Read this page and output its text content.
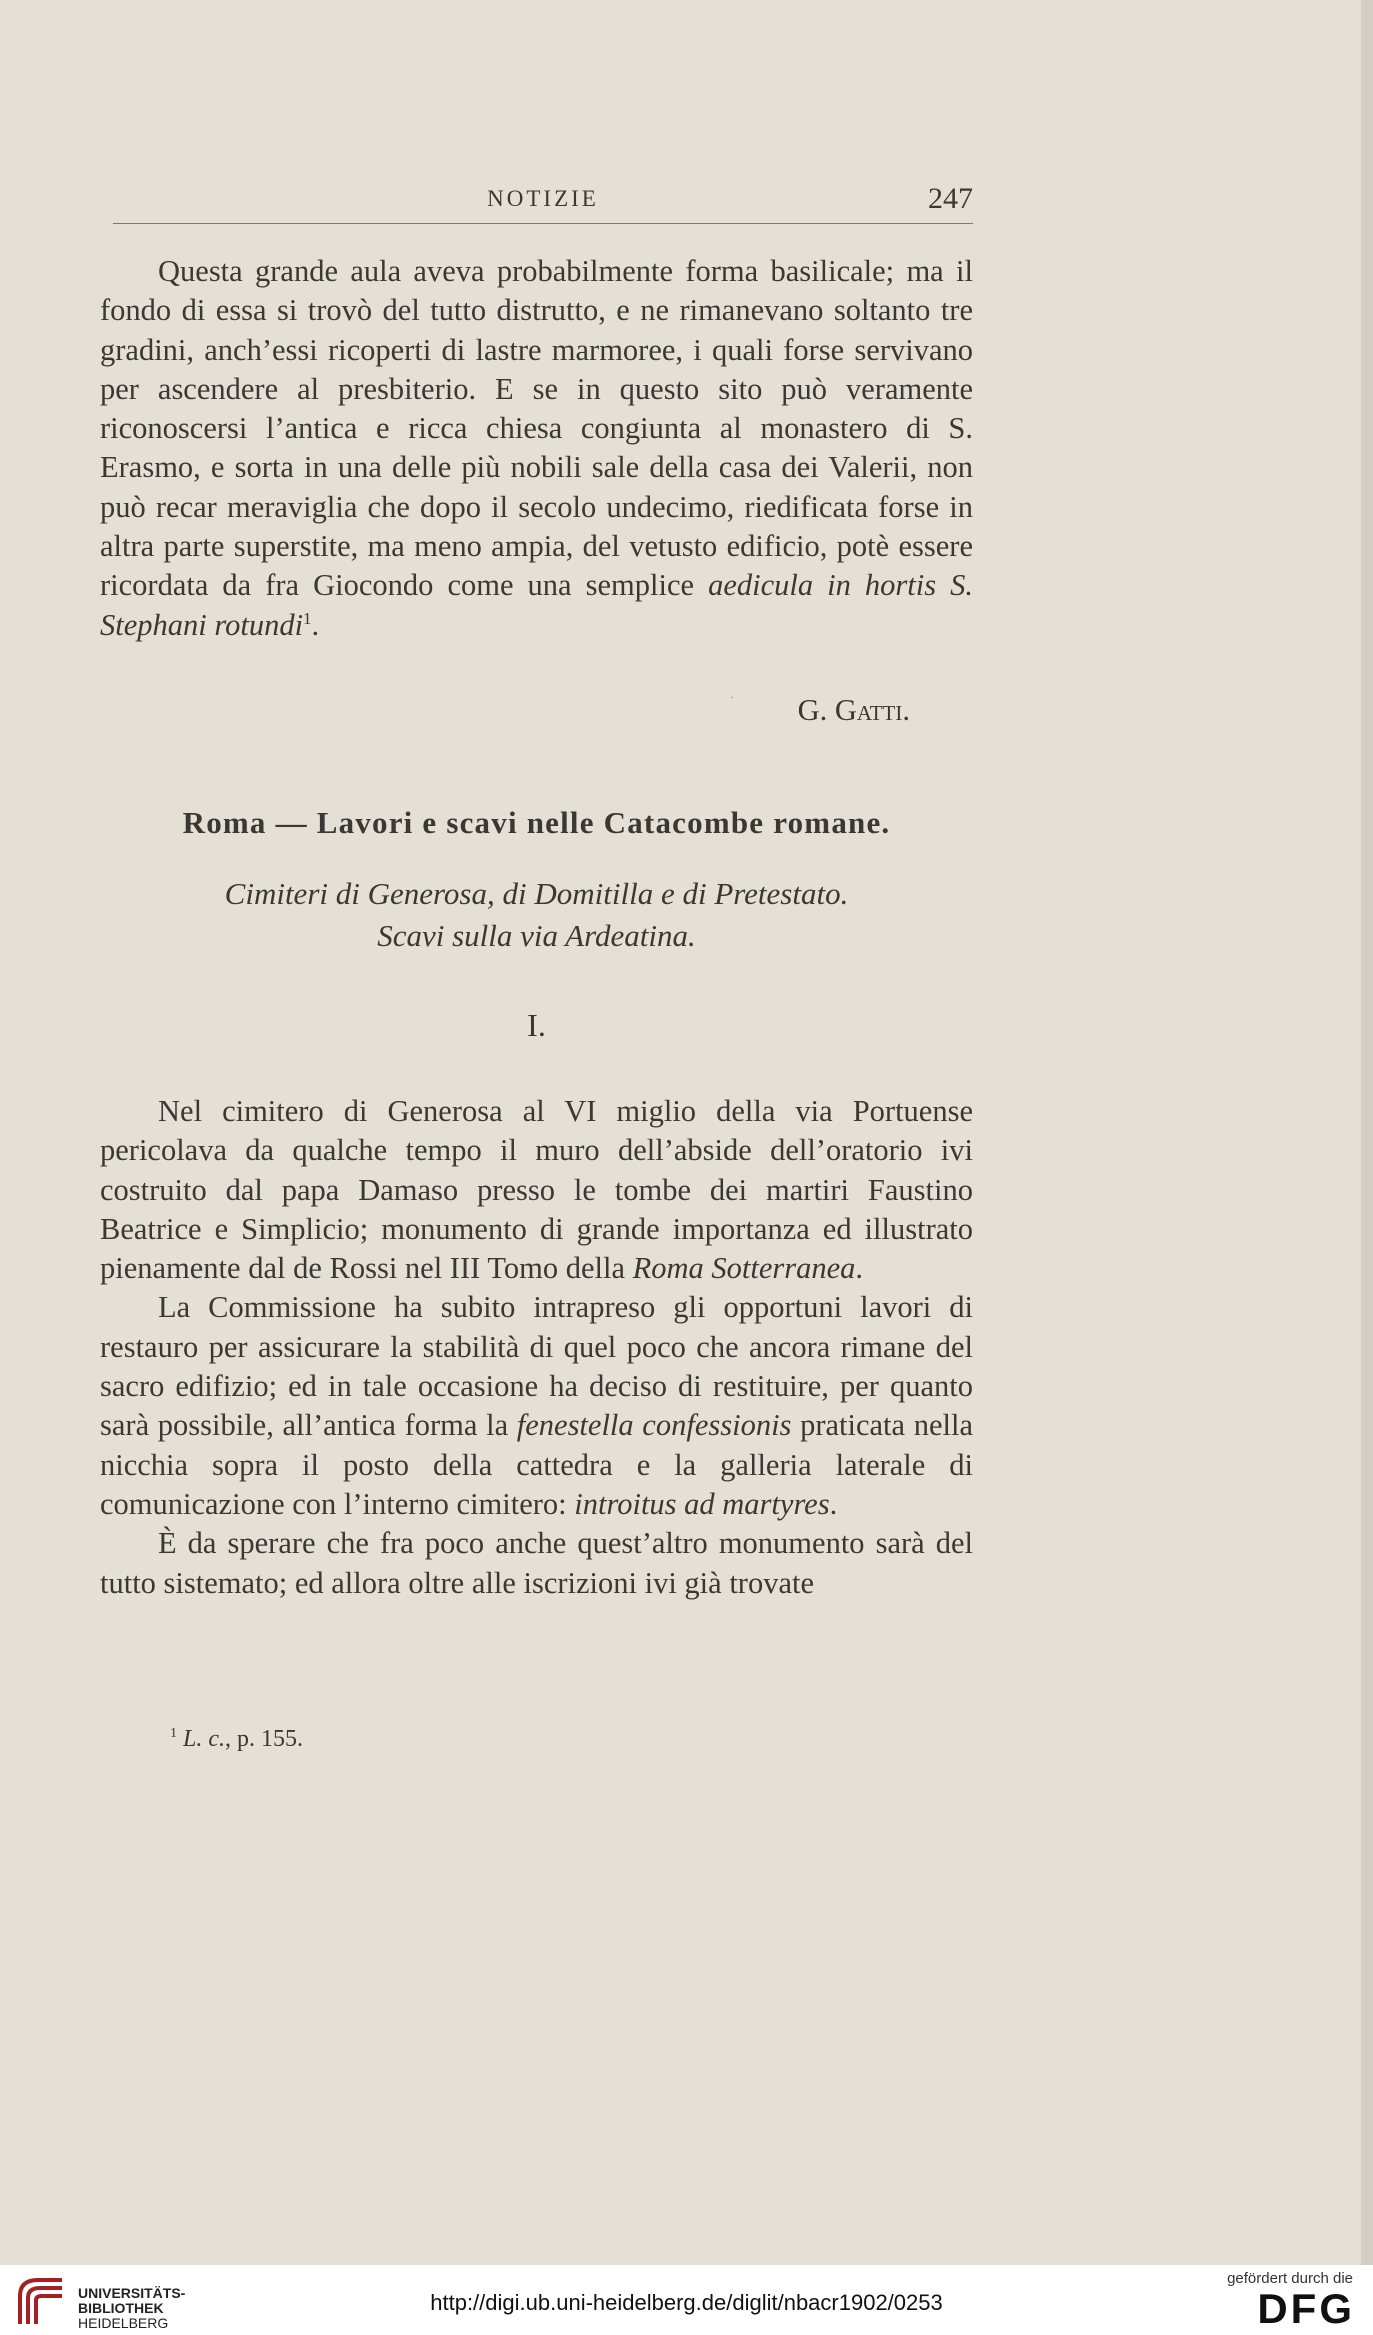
NOTIZIE	247

Questa grande aula aveva probabilmente forma basilicale; ma il fondo di essa si trovò del tutto distrutto, e ne rimanevano soltanto tre gradini, anch’essi ricoperti di lastre marmoree, i quali forse servivano per ascendere al presbiterio. E se in questo sito può veramente riconoscersi l’antica e ricca chiesa congiunta al monastero di S. Erasmo, e sorta in una delle più nobili sale della casa dei Valerii, non può recar meraviglia che dopo il secolo undecimo, riedificata forse in altra parte superstite, ma meno ampia, del vetusto edificio, potè essere ricordata da fra Giocondo come una semplice aedicula in hortis S. Stephani rotundi$^1$.

· G. Gatti.
Roma — Lavori e scavi nelle Catacombe romane.
Cimiteri di Generosa, di Domitilla e di Pretestato.
Scavi sulla via Ardeatina.
I.

Nel cimitero di Generosa al VI miglio della via Portuense pericolava da qualche tempo il muro dell’abside dell’oratorio ivi costruito dal papa Damaso presso le tombe dei martiri Faustino Beatrice e Simplicio; monumento di grande importanza ed illustrato pienamente dal de Rossi nel III Tomo della Roma Sotterranea.

La Commissione ha subito intrapreso gli opportuni lavori di restauro per assicurare la stabilità di quel poco che ancora rimane del sacro edifizio; ed in tale occasione ha deciso di restituire, per quanto sarà possibile, all’antica forma la fenestella confessionis praticata nella nicchia sopra il posto della cattedra e la galleria laterale di comunicazione con l’interno cimitero: introitus ad martyres.

È da sperare che fra poco anche quest’altro monumento sarà del tutto sistemato; ed allora oltre alle iscrizioni ivi già trovate

$^1$ L. c., p. 155.
UNIVERSITÄTS-
BIBLIOTHEK
HEIDELBERG
http://digi.ub.uni-heidelberg.de/diglit/nbacr1902/0253
gefördert durch die
DFG
